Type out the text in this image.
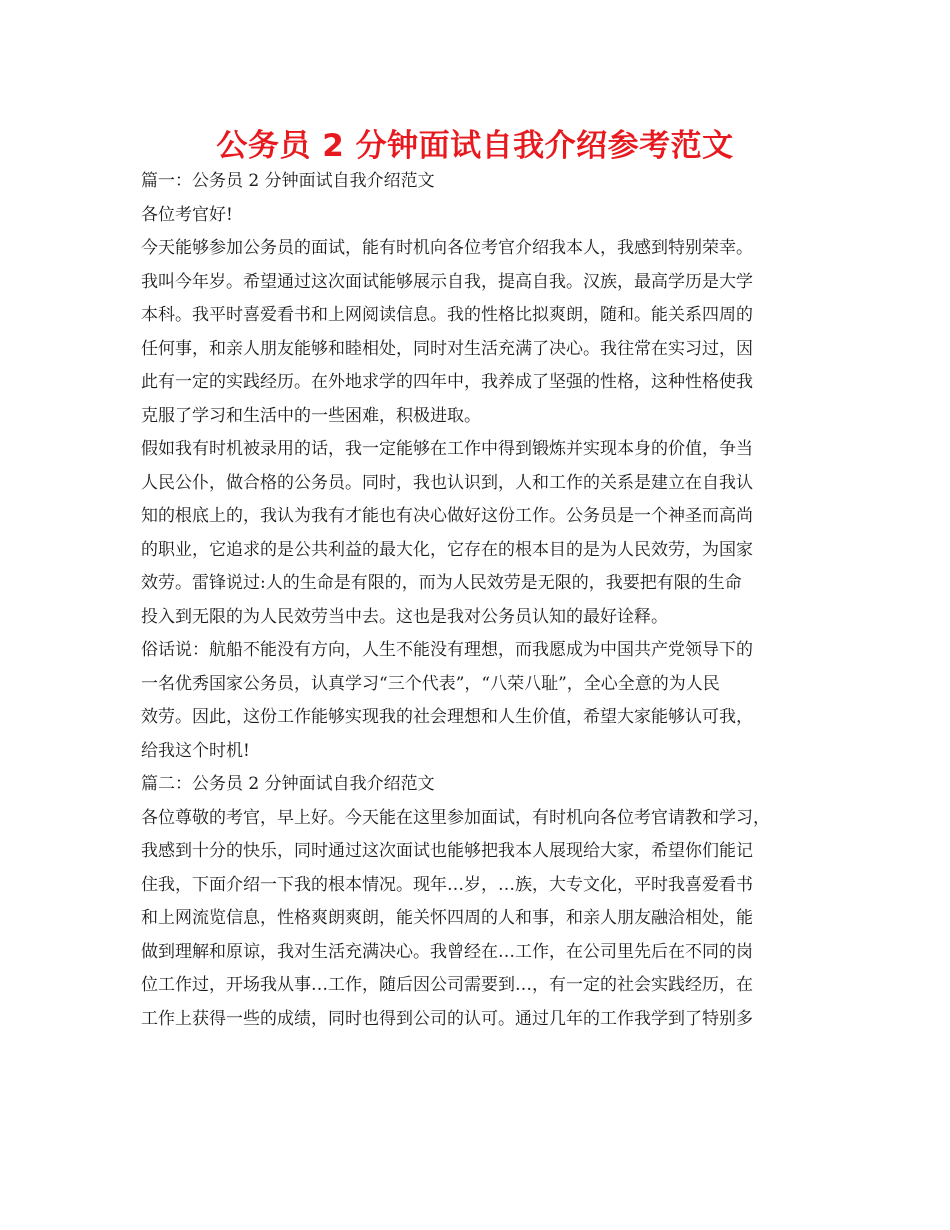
公务员 2 分钟面试自我介绍参考范文
篇一：公务员 2 分钟面试自我介绍范文
各位考官好!
今天能够参加公务员的面试，能有时机向各位考官介绍我本人，我感到特别荣幸。
我叫今年岁。希望通过这次面试能够展示自我，提高自我。汉族，最高学历是大学
本科。我平时喜爱看书和上网阅读信息。我的性格比拟爽朗，随和。能关系四周的
任何事，和亲人朋友能够和睦相处，同时对生活充满了决心。我往常在实习过，因
此有一定的实践经历。在外地求学的四年中，我养成了坚强的性格，这种性格使我
克服了学习和生活中的一些困难，积极进取。
假如我有时机被录用的话，我一定能够在工作中得到锻炼并实现本身的价值，争当
人民公仆，做合格的公务员。同时，我也认识到，人和工作的关系是建立在自我认
知的根底上的，我认为我有才能也有决心做好这份工作。公务员是一个神圣而高尚
的职业，它追求的是公共利益的最大化，它存在的根本目的是为人民效劳，为国家
效劳。雷锋说过:人的生命是有限的，而为人民效劳是无限的，我要把有限的生命
投入到无限的为人民效劳当中去。这也是我对公务员认知的最好诠释。
俗话说：航船不能没有方向，人生不能没有理想，而我愿成为中国共产党领导下的
一名优秀国家公务员，认真学习“三个代表”，“八荣八耻”，全心全意的为人民
效劳。因此，这份工作能够实现我的社会理想和人生价值，希望大家能够认可我，
给我这个时机!
篇二：公务员 2 分钟面试自我介绍范文
各位尊敬的考官，早上好。今天能在这里参加面试，有时机向各位考官请教和学习，
我感到十分的快乐，同时通过这次面试也能够把我本人展现给大家，希望你们能记
住我，下面介绍一下我的根本情况。现年…岁，…族，大专文化，平时我喜爱看书
和上网流览信息，性格爽朗爽朗，能关怀四周的人和事，和亲人朋友融洽相处，能
做到理解和原谅，我对生活充满决心。我曾经在…工作，在公司里先后在不同的岗
位工作过，开场我从事…工作，随后因公司需要到…，有一定的社会实践经历，在
工作上获得一些的成绩，同时也得到公司的认可。通过几年的工作我学到了特别多
